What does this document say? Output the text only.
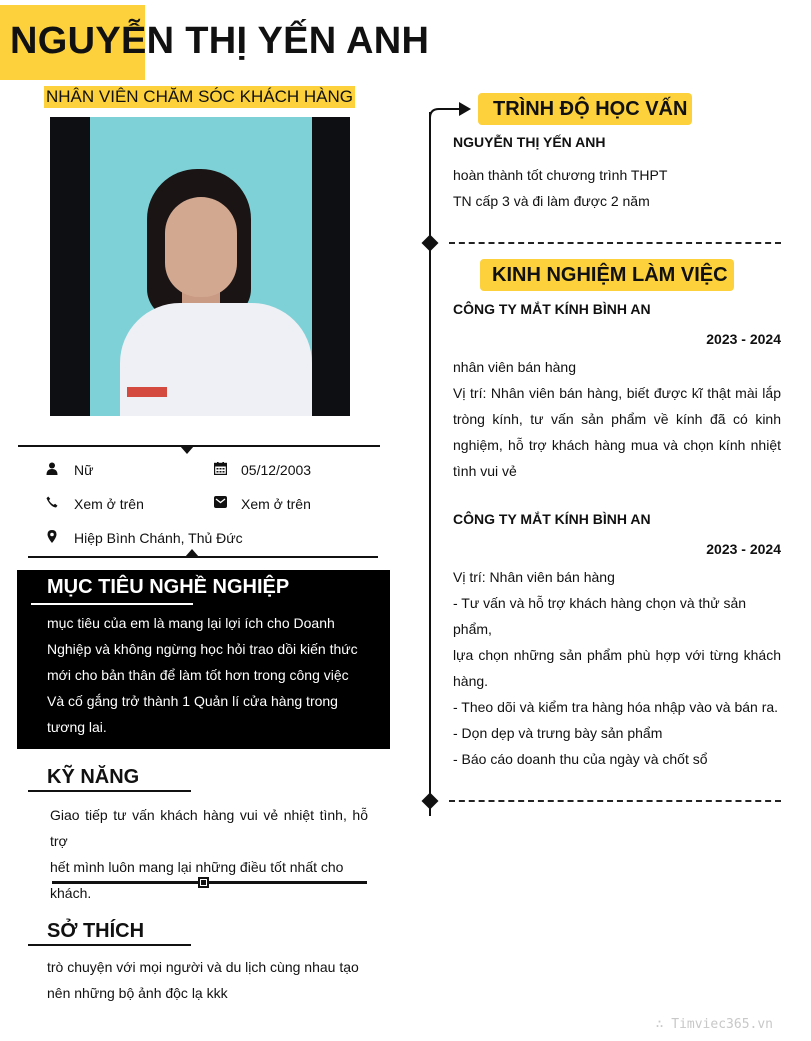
NGUYỄN THỊ YẾN ANH
NHÂN VIÊN CHĂM SÓC KHÁCH HÀNG
Nữ	05/12/2003
Xem ở trên	Xem ở trên
Hiệp Bình Chánh, Thủ Đức
MỤC TIÊU NGHỀ NGHIỆP
mục tiêu của em là mang lại lợi ích cho Doanh
Nghiệp và không ngừng học hỏi trao dồi kiến thức
mới cho bản thân để làm tốt hơn trong công việc
Và cố gắng trở thành 1 Quản lí cửa hàng trong
tương lai.
KỸ NĂNG
Giao tiếp tư vấn khách hàng vui vẻ nhiệt tình, hỗ trợ
hết mình luôn mang lại những điều tốt nhất cho
khách.
SỞ THÍCH
trò chuyện với mọi người và du lịch cùng nhau tạo
nên những bộ ảnh độc lạ kkk
TRÌNH ĐỘ HỌC VẤN
NGUYỄN THỊ YẾN ANH
hoàn thành tốt chương trình THPT
TN cấp 3 và đi làm được 2 năm
KINH NGHIỆM LÀM VIỆC
CÔNG TY MẮT KÍNH BÌNH AN
2023 - 2024
nhân viên bán hàng
Vị trí: Nhân viên bán hàng, biết được kĩ thật mài lắp
tròng kính, tư vấn sản phẩm về kính đã có kinh
nghiệm, hỗ trợ khách hàng mua và chọn kính nhiệt
tình vui vẻ
CÔNG TY MẮT KÍNH BÌNH AN
2023 - 2024
Vị trí: Nhân viên bán hàng
- Tư vấn và hỗ trợ khách hàng chọn và thử sản phẩm,
lựa chọn những sản phẩm phù hợp với từng khách
hàng.
- Theo dõi và kiểm tra hàng hóa nhập vào và bán ra.
- Dọn dẹp và trưng bày sản phẩm
- Báo cáo doanh thu của ngày và chốt sổ
∴ Timviec365.vn
